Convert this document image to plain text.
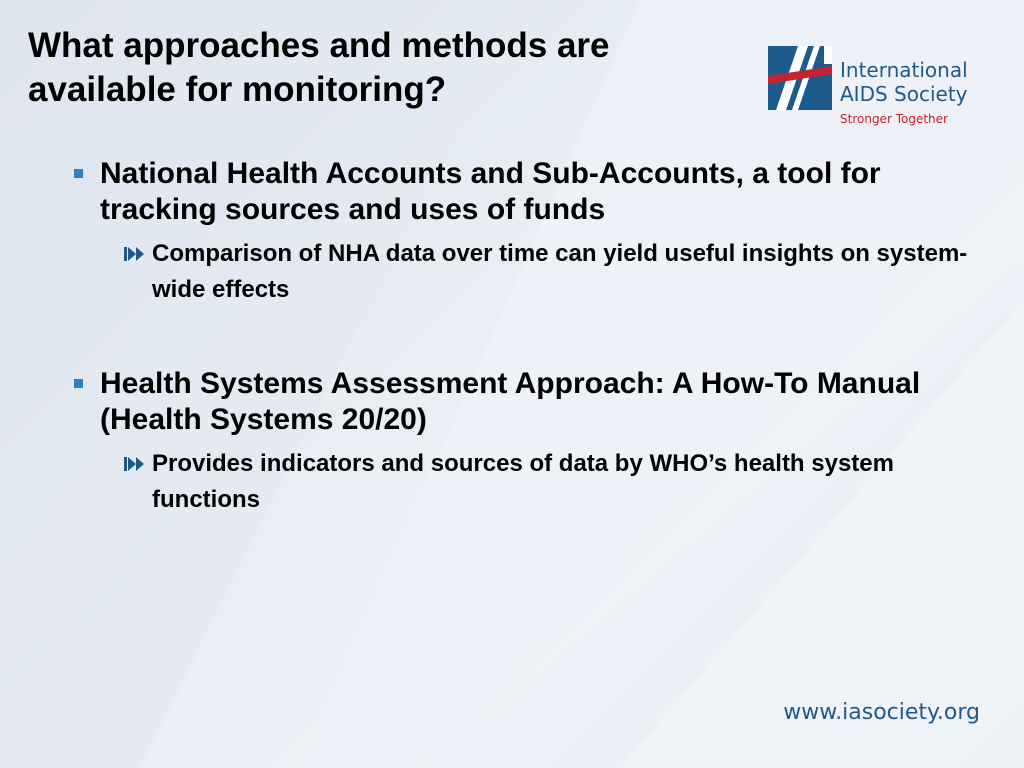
What approaches and methods are
available for monitoring?	International
AIDS Society
Stronger Together
National Health Accounts and Sub-Accounts, a tool for tracking sources and uses of funds
Comparison of NHA data over time can yield useful insights on system-wide effects
Health Systems Assessment Approach: A How-To Manual (Health Systems 20/20)
Provides indicators and sources of data by WHO’s health system functions
www.iasociety.org
